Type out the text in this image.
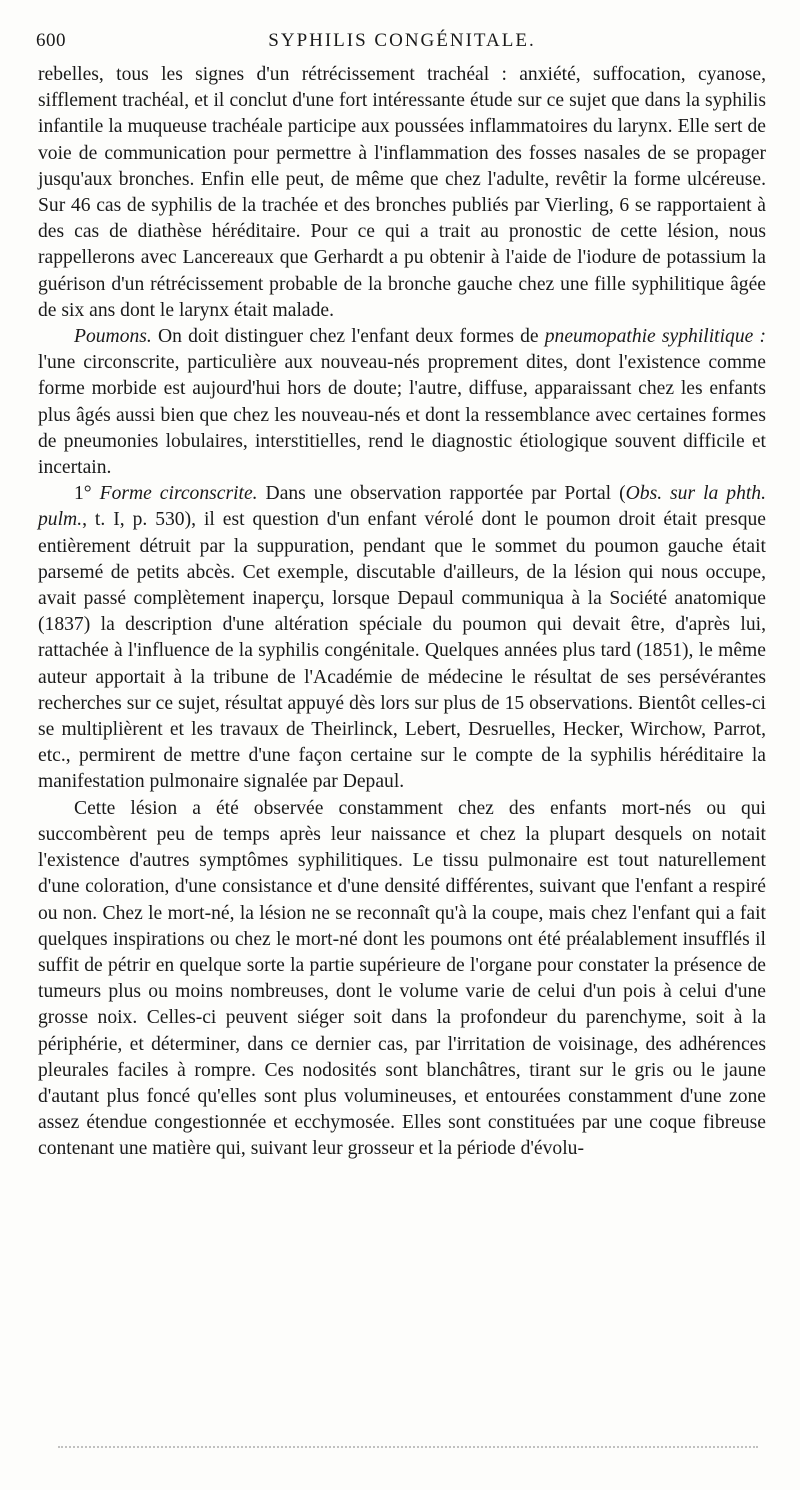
600	SYPHILIS CONGÉNITALE.

rebelles, tous les signes d'un rétrécissement trachéal : anxiété, suffocation, cyanose, sifflement trachéal, et il conclut d'une fort intéressante étude sur ce sujet que dans la syphilis infantile la muqueuse trachéale participe aux poussées inflammatoires du larynx. Elle sert de voie de communication pour permettre à l'inflammation des fosses nasales de se propager jusqu'aux bronches. Enfin elle peut, de même que chez l'adulte, revêtir la forme ulcéreuse. Sur 46 cas de syphilis de la trachée et des bronches publiés par Vierling, 6 se rapportaient à des cas de diathèse héréditaire. Pour ce qui a trait au pronostic de cette lésion, nous rappellerons avec Lancereaux que Gerhardt a pu obtenir à l'aide de l'iodure de potassium la guérison d'un rétrécissement probable de la bronche gauche chez une fille syphilitique âgée de six ans dont le larynx était malade.

Poumons. On doit distinguer chez l'enfant deux formes de pneumopathie syphilitique : l'une circonscrite, particulière aux nouveau-nés proprement dites, dont l'existence comme forme morbide est aujourd'hui hors de doute; l'autre, diffuse, apparaissant chez les enfants plus âgés aussi bien que chez les nouveau-nés et dont la ressemblance avec certaines formes de pneumonies lobulaires, interstitielles, rend le diagnostic étiologique souvent difficile et incertain.

1° Forme circonscrite. Dans une observation rapportée par Portal (Obs. sur la phth. pulm., t. I, p. 530), il est question d'un enfant vérolé dont le poumon droit était presque entièrement détruit par la suppuration, pendant que le sommet du poumon gauche était parsemé de petits abcès. Cet exemple, discutable d'ailleurs, de la lésion qui nous occupe, avait passé complètement inaperçu, lorsque Depaul communiqua à la Société anatomique (1837) la description d'une altération spéciale du poumon qui devait être, d'après lui, rattachée à l'influence de la syphilis congénitale. Quelques années plus tard (1851), le même auteur apportait à la tribune de l'Académie de médecine le résultat de ses persévérantes recherches sur ce sujet, résultat appuyé dès lors sur plus de 15 observations. Bientôt celles-ci se multiplièrent et les travaux de Theirlinck, Lebert, Desruelles, Hecker, Wirchow, Parrot, etc., permirent de mettre d'une façon certaine sur le compte de la syphilis héréditaire la manifestation pulmonaire signalée par Depaul.

Cette lésion a été observée constamment chez des enfants mort-nés ou qui succombèrent peu de temps après leur naissance et chez la plupart desquels on notait l'existence d'autres symptômes syphilitiques. Le tissu pulmonaire est tout naturellement d'une coloration, d'une consistance et d'une densité différentes, suivant que l'enfant a respiré ou non. Chez le mort-né, la lésion ne se reconnaît qu'à la coupe, mais chez l'enfant qui a fait quelques inspirations ou chez le mort-né dont les poumons ont été préalablement insufflés il suffit de pétrir en quelque sorte la partie supérieure de l'organe pour constater la présence de tumeurs plus ou moins nombreuses, dont le volume varie de celui d'un pois à celui d'une grosse noix. Celles-ci peuvent siéger soit dans la profondeur du parenchyme, soit à la périphérie, et déterminer, dans ce dernier cas, par l'irritation de voisinage, des adhérences pleurales faciles à rompre. Ces nodosités sont blanchâtres, tirant sur le gris ou le jaune d'autant plus foncé qu'elles sont plus volumineuses, et entourées constamment d'une zone assez étendue congestionnée et ecchymosée. Elles sont constituées par une coque fibreuse contenant une matière qui, suivant leur grosseur et la période d'évolu-
